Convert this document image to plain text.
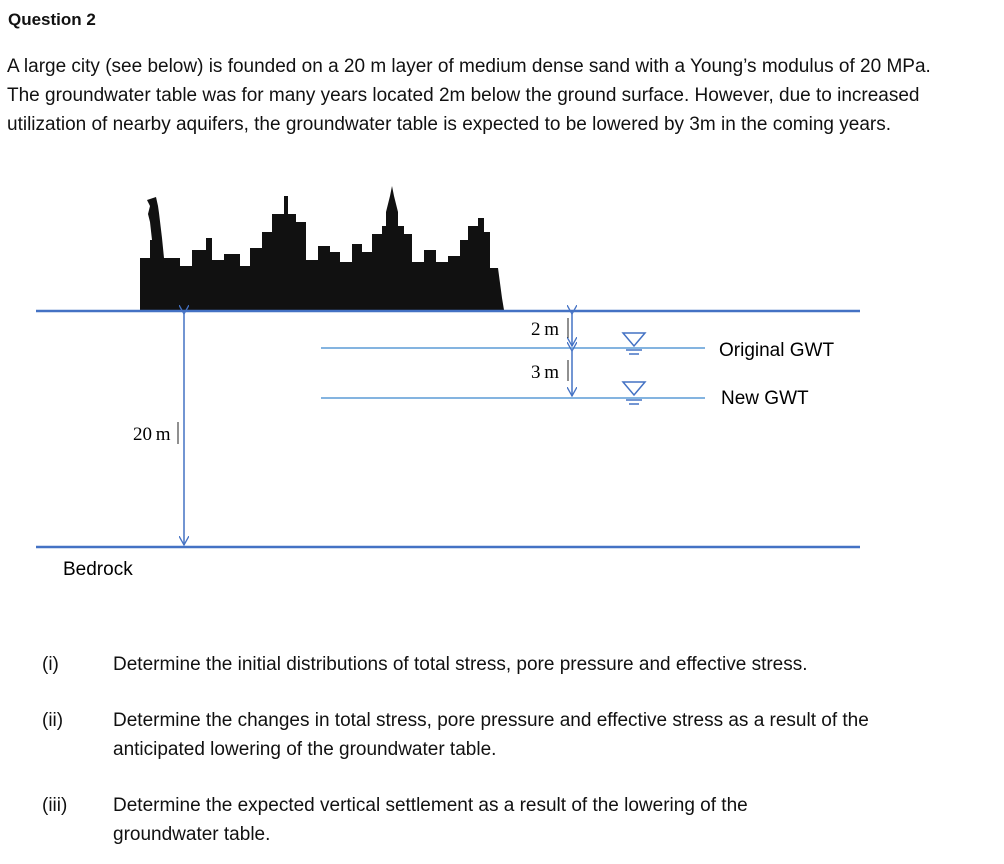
Question 2
A large city (see below) is founded on a 20 m layer of medium dense sand with a Young’s modulus of 20 MPa. The groundwater table was for many years located 2m below the ground surface. However, due to increased utilization of nearby aquifers, the groundwater table is expected to be lowered by 3m in the coming years.
20 m
2 m
3 m
Original GWT
New GWT
Bedrock
(i)	Determine the initial distributions of total stress, pore pressure and effective stress.
(ii)	Determine the changes in total stress, pore pressure and effective stress as a result of the anticipated lowering of the groundwater table.
(iii) Determine the expected vertical settlement as a result of the lowering of the groundwater table.
